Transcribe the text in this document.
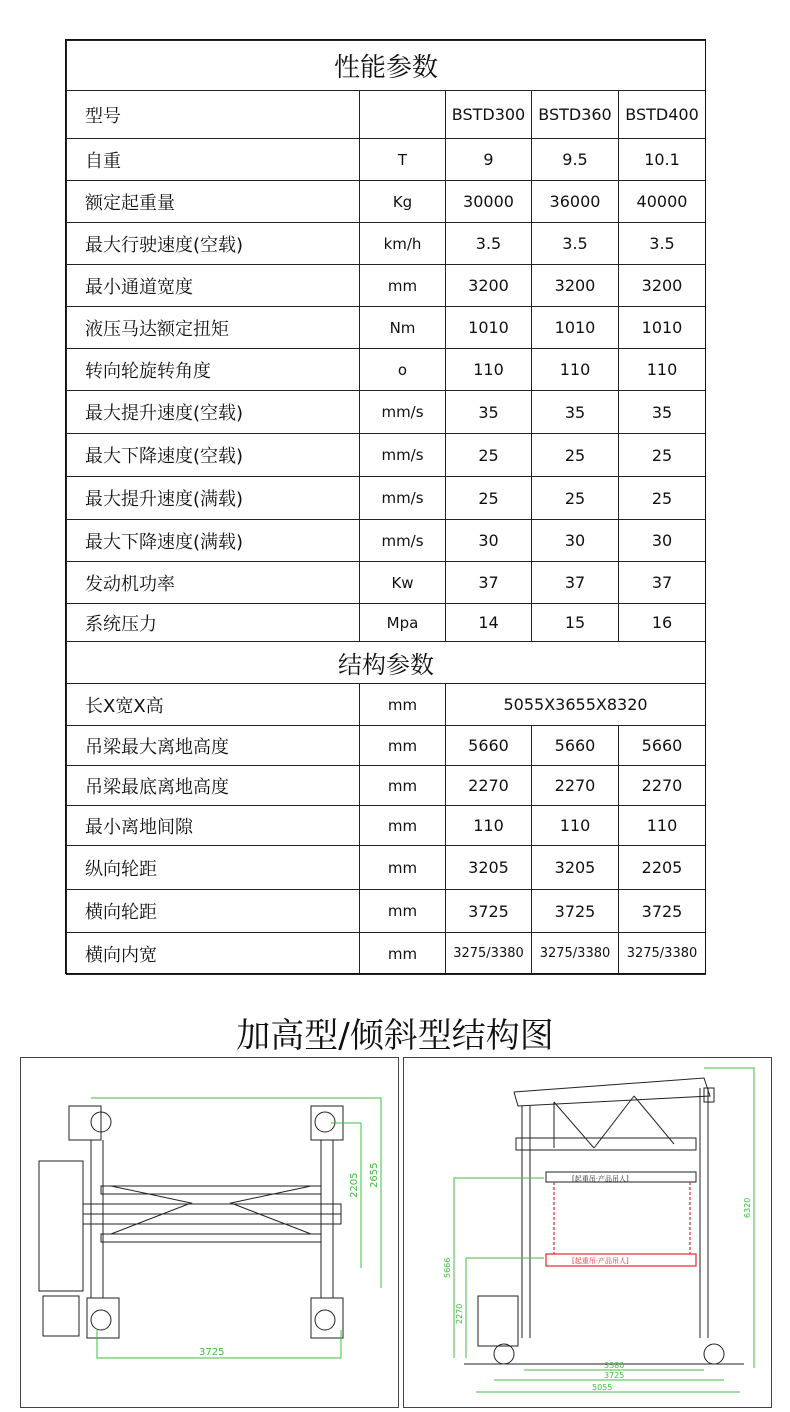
性能参数				
型号		BSTD300	BSTD360	BSTD400
自重	T	9	9.5	10.1
额定起重量	Kg	30000	36000	40000
最大行驶速度(空载)	km/h	3.5	3.5	3.5
最小通道宽度	mm	3200	3200	3200
液压马达额定扭矩	Nm	1010	1010	1010
转向轮旋转角度	o	110	110	110
最大提升速度(空载)	mm/s	35	35	35
最大下降速度(空载)	mm/s	25	25	25
最大提升速度(满载)	mm/s	25	25	25
最大下降速度(满载)	mm/s	30	30	30
发动机功率	Kw	37	37	37
系统压力	Mpa	14	15	16
结构参数				
长X宽X高	mm	5055X3655X8320		
吊梁最大离地高度	mm	5660	5660	5660
吊梁最底离地高度	mm	2270	2270	2270
最小离地间隙	mm	110	110	110
纵向轮距	mm	3205	3205	2205
横向轮距	mm	3725	3725	3725
横向内宽	mm	3275/3380	3275/3380	3275/3380
加高型/倾斜型结构图
2205 2655
3725
6320
5666
2270
3380
3725
5055
[起重吊·产品吊人]
[起重吊·产品吊人]
